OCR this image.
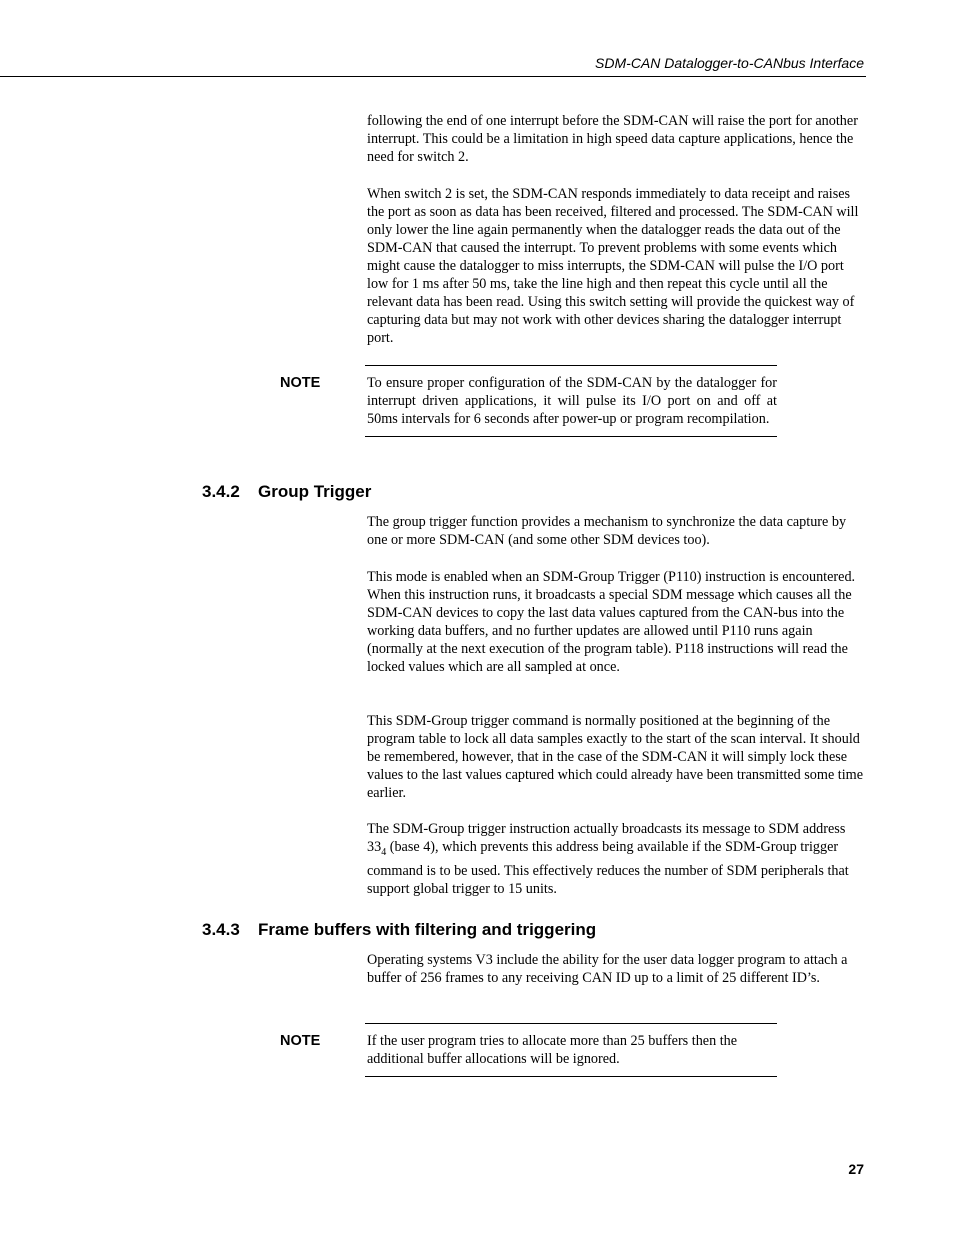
SDM-CAN Datalogger-to-CANbus Interface

following the end of one interrupt before the SDM-CAN will raise the port for another interrupt. This could be a limitation in high speed data capture applications, hence the need for switch 2.

When switch 2 is set, the SDM-CAN responds immediately to data receipt and raises the port as soon as data has been received, filtered and processed. The SDM-CAN will only lower the line again permanently when the datalogger reads the data out of the SDM-CAN that caused the interrupt. To prevent problems with some events which might cause the datalogger to miss interrupts, the SDM-CAN will pulse the I/O port low for 1 ms after 50 ms, take the line high and then repeat this cycle until all the relevant data has been read. Using this switch setting will provide the quickest way of capturing data but may not work with other devices sharing the datalogger interrupt port.

NOTE	To ensure proper configuration of the SDM-CAN by the datalogger for interrupt driven applications, it will pulse its I/O port on and off at 50ms intervals for 6 seconds after power-up or program recompilation.

3.4.2 Group Trigger

The group trigger function provides a mechanism to synchronize the data capture by one or more SDM-CAN (and some other SDM devices too).

This mode is enabled when an SDM-Group Trigger (P110) instruction is encountered. When this instruction runs, it broadcasts a special SDM message which causes all the SDM-CAN devices to copy the last data values captured from the CAN-bus into the working data buffers, and no further updates are allowed until P110 runs again (normally at the next execution of the program table). P118 instructions will read the locked values which are all sampled at once.

This SDM-Group trigger command is normally positioned at the beginning of the program table to lock all data samples exactly to the start of the scan interval. It should be remembered, however, that in the case of the SDM-CAN it will simply lock these values to the last values captured which could already have been transmitted some time earlier.

The SDM-Group trigger instruction actually broadcasts its message to SDM address $33_4$ (base 4), which prevents this address being available if the SDM-Group trigger command is to be used. This effectively reduces the number of SDM peripherals that support global trigger to 15 units.

3.4.3 Frame buffers with filtering and triggering

Operating systems V3 include the ability for the user data logger program to attach a buffer of 256 frames to any receiving CAN ID up to a limit of 25 different ID’s.

NOTE	If the user program tries to allocate more than 25 buffers then the additional buffer allocations will be ignored.

27
